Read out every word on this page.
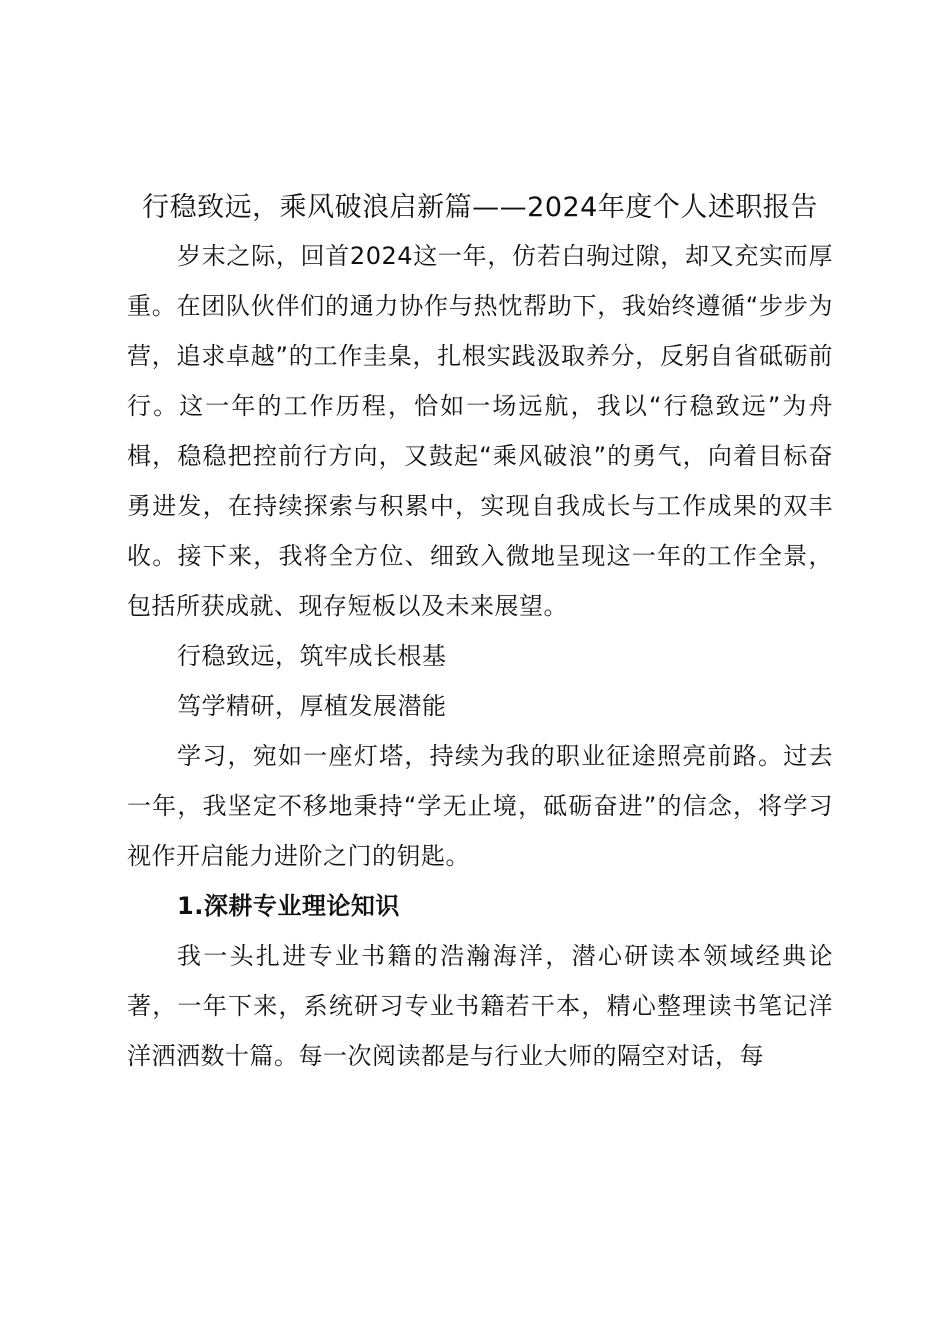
行稳致远，乘风破浪启新篇——2024年度个人述职报告

岁末之际，回首2024这一年，仿若白驹过隙，却又充实而厚重。在团队伙伴们的通力协作与热忱帮助下，我始终遵循“步步为营，追求卓越”的工作圭臬，扎根实践汲取养分，反躬自省砥砺前行。这一年的工作历程，恰如一场远航，我以“行稳致远”为舟楫，稳稳把控前行方向，又鼓起“乘风破浪”的勇气，向着目标奋勇进发，在持续探索与积累中，实现自我成长与工作成果的双丰收。接下来，我将全方位、细致入微地呈现这一年的工作全景，包括所获成就、现存短板以及未来展望。

行稳致远，筑牢成长根基

笃学精研，厚植发展潜能

学习，宛如一座灯塔，持续为我的职业征途照亮前路。过去一年，我坚定不移地秉持“学无止境，砥砺奋进”的信念，将学习视作开启能力进阶之门的钥匙。

1.深耕专业理论知识

我一头扎进专业书籍的浩瀚海洋，潜心研读本领域经典论著，一年下来，系统研习专业书籍若干本，精心整理读书笔记洋洋洒洒数十篇。每一次阅读都是与行业大师的隔空对话，每
